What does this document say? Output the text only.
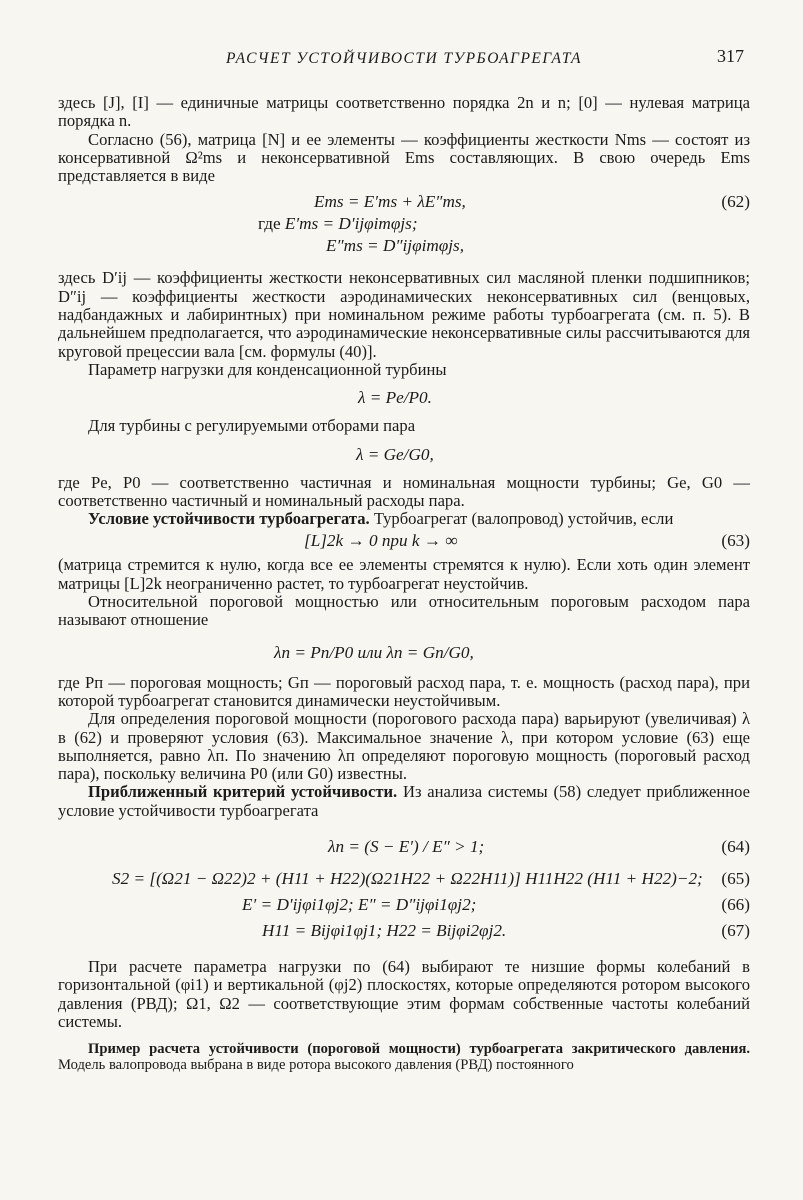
РАСЧЕТ УСТОЙЧИВОСТИ ТУРБОАГРЕГАТА	317

здесь [J], [I] — единичные матрицы соответственно порядка 2n и n; [0] — нулевая матрица порядка n.

Согласно (56), матрица [N] и ее элементы — коэффициенты жесткости Nms — состоят из консервативной Ω²ms и неконсервативной Ems составляющих. В свою очередь Ems представляется в виде

Ems = E′ms + λE″ms,	(62)
где E′ms = D′ijφimφjs;
E″ms = D″ijφimφjs,

здесь D′ij — коэффициенты жесткости неконсервативных сил масляной пленки подшипников; D″ij — коэффициенты жесткости аэродинамических неконсервативных сил (венцовых, надбандажных и лабиринтных) при номинальном режиме работы турбоагрегата (см. п. 5). В дальнейшем предполагается, что аэродинамические неконсервативные силы рассчитываются для круговой прецессии вала [см. формулы (40)].

Параметр нагрузки для конденсационной турбины

λ = Pe/P0.

Для турбины с регулируемыми отборами пара

λ = Ge/G0,

где Pe, P0 — соответственно частичная и номинальная мощности турбины; Ge, G0 — соответственно частичный и номинальный расходы пара.

Условие устойчивости турбоагрегата. Турбоагрегат (валопровод) устойчив, если

[L]2k → 0 при k → ∞	(63)

(матрица стремится к нулю, когда все ее элементы стремятся к нулю). Если хоть один элемент матрицы [L]2k неограниченно растет, то турбоагрегат неустойчив.

Относительной пороговой мощностью или относительным пороговым расходом пара называют отношение

λп = Pп/P0 или λп = Gп/G0,

где Pп — пороговая мощность; Gп — пороговый расход пара, т. е. мощность (расход пара), при которой турбоагрегат становится динамически неустойчивым.

Для определения пороговой мощности (порогового расхода пара) варьируют (увеличивая) λ в (62) и проверяют условия (63). Максимальное значение λ, при котором условие (63) еще выполняется, равно λп. По значению λп определяют пороговую мощность (пороговый расход пара), поскольку величина P0 (или G0) известны.

Приближенный критерий устойчивости. Из анализа системы (58) следует приближенное условие устойчивости турбоагрегата

λп = (S − E′) / E″ > 1;	(64)
S2 = [(Ω21 − Ω22)2 + (H11 + H22)(Ω21H22 + Ω22H11)] H11H22 (H11 + H22)−2;	(65)
E′ = D′ijφi1φj2; E″ = D″ijφi1φj2;	(66)
H11 = Bijφi1φj1; H22 = Bijφi2φj2.	(67)

При расчете параметра нагрузки по (64) выбирают те низшие формы колебаний в горизонтальной (φi1) и вертикальной (φj2) плоскостях, которые определяются ротором высокого давления (РВД); Ω1, Ω2 — соответствующие этим формам собственные частоты колебаний системы.

Пример расчета устойчивости (пороговой мощности) турбоагрегата закритического давления. Модель валопровода выбрана в виде ротора высокого давления (РВД) постоянного
